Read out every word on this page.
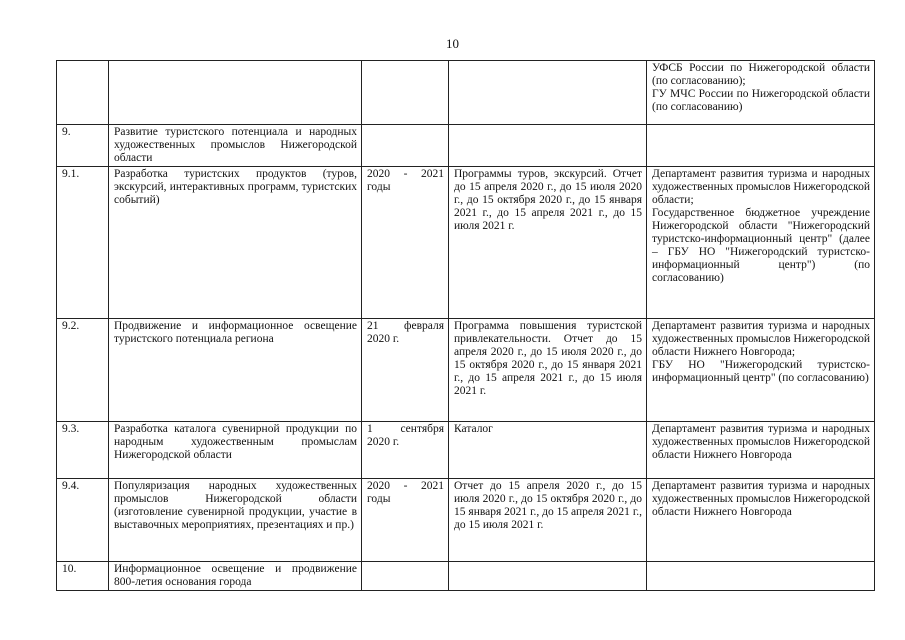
10

				УФСБ России по Нижегородской области (по согласованию);
ГУ МЧС России по Нижегородской области (по согласованию)

9.	Развитие туристского потенциала и народных художественных промыслов Нижегородской области			
9.1.	Разработка туристских продуктов (туров, экскурсий, интерактивных программ, туристских событий)	2020 - 2021 годы	Программы туров, экскурсий. Отчет до 15 апреля 2020 г., до 15 июля 2020 г., до 15 октября 2020 г., до 15 января 2021 г., до 15 апреля 2021 г., до 15 июля 2021 г.	Департамент развития туризма и народных художественных промыслов Нижегородской области;
Государственное бюджетное учреждение Нижегородской области "Нижегородский туристско-информационный центр" (далее – ГБУ НО "Нижегородский туристско-информационный центр") (по согласованию)

9.2.	Продвижение и информационное освещение туристского потенциала региона	21 февраля 2020 г.	Программа повышения туристской привлекательности. Отчет до 15 апреля 2020 г., до 15 июля 2020 г., до 15 октября 2020 г., до 15 января 2021 г., до 15 апреля 2021 г., до 15 июля 2021 г.	Департамент развития туризма и народных художественных промыслов Нижегородской области Нижнего Новгорода;
ГБУ НО "Нижегородский туристско-информационный центр" (по согласованию)

9.3.	Разработка каталога сувенирной продукции по народным художественным промыслам Нижегородской области	1 сентября 2020 г.	Каталог	Департамент развития туризма и народных художественных промыслов Нижегородской области Нижнего Новгорода

9.4.	Популяризация народных художественных промыслов Нижегородской области (изготовление сувенирной продукции, участие в выставочных мероприятиях, презентациях и пр.)	2020 - 2021 годы	Отчет до 15 апреля 2020 г., до 15 июля 2020 г., до 15 октября 2020 г., до 15 января 2021 г., до 15 апреля 2021 г., до 15 июля 2021 г.	Департамент развития туризма и народных художественных промыслов Нижегородской области Нижнего Новгорода

10.	Информационное освещение и продвижение 800-летия основания города			
